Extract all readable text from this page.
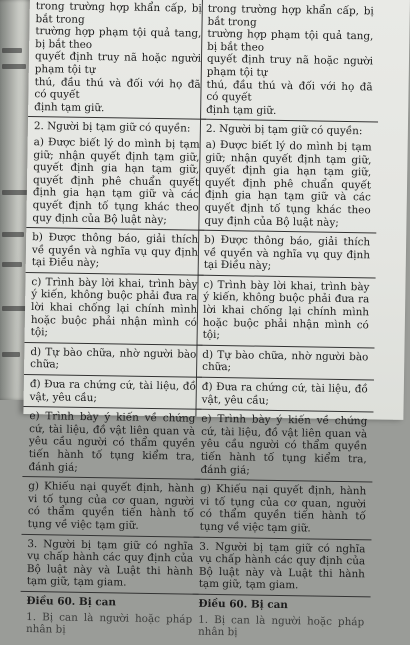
trong trường hợp khẩn cấp, bị bắt trong
trường hợp phạm tội quả tang, bị bắt theo
quyết định truy nã hoặc người phạm tội tự
thú, đầu thú và đối với họ đã có quyết
định tạm giữ.

2. Người bị tạm giữ có quyền:

a) Được biết lý do mình bị tạm giữ; nhận quyết định tạm giữ, quyết định gia hạn tạm giữ, quyết định phê chuẩn quyết định gia hạn tạm giữ và các quyết định tố tụng khác theo quy định của Bộ luật này;

b) Được thông báo, giải thích về quyền và nghĩa vụ quy định tại Điều này;

c) Trình bày lời khai, trình bày ý kiến, không buộc phải đưa ra lời khai chống lại chính mình hoặc buộc phải nhận mình có tội;

d) Tự bào chữa, nhờ người bào chữa;

đ) Đưa ra chứng cứ, tài liệu, đồ vật, yêu cầu;

e) Trình bày ý kiến về chứng cứ, tài liệu, đồ vật liên quan và yêu cầu người có thẩm quyền tiến hành tố tụng kiểm tra, đánh giá;

g) Khiếu nại quyết định, hành vi tố tụng của cơ quan, người có thẩm quyền tiến hành tố tụng về việc tạm giữ.

3. Người bị tạm giữ có nghĩa vụ chấp hành các quy định của Bộ luật này và Luật thi hành tạm giữ, tạm giam.

Điều 60. Bị can

1. Bị can là người hoặc pháp nhân bị

trong trường hợp khẩn cấp, bị bắt trong
trường hợp phạm tội quả tang, bị bắt theo
quyết định truy nã hoặc người phạm tội tự
thú, đầu thú và đối với họ đã có quyết
định tạm giữ.

2. Người bị tạm giữ có quyền:

a) Được biết lý do mình bị tạm giữ; nhận quyết định tạm giữ, quyết định gia hạn tạm giữ, quyết định phê chuẩn quyết định gia hạn tạm giữ và các quyết định tố tụng khác theo quy định của Bộ luật này;

b) Được thông báo, giải thích về quyền và nghĩa vụ quy định tại Điều này;

c) Trình bày lời khai, trình bày ý kiến, không buộc phải đưa ra lời khai chống lại chính mình hoặc buộc phải nhận mình có tội;

d) Tự bào chữa, nhờ người bào chữa;

đ) Đưa ra chứng cứ, tài liệu, đồ vật, yêu cầu;

e) Trình bày ý kiến về chứng cứ, tài liệu, đồ vật liên quan và yêu cầu người có thẩm quyền tiến hành tố tụng kiểm tra, đánh giá;

g) Khiếu nại quyết định, hành vi tố tụng của cơ quan, người có thẩm quyền tiến hành tố tụng về việc tạm giữ.

3. Người bị tạm giữ có nghĩa vụ chấp hành các quy định của Bộ luật này và Luật thi hành tạm giữ, tạm giam.

Điều 60. Bị can

1. Bị can là người hoặc pháp nhân bị
